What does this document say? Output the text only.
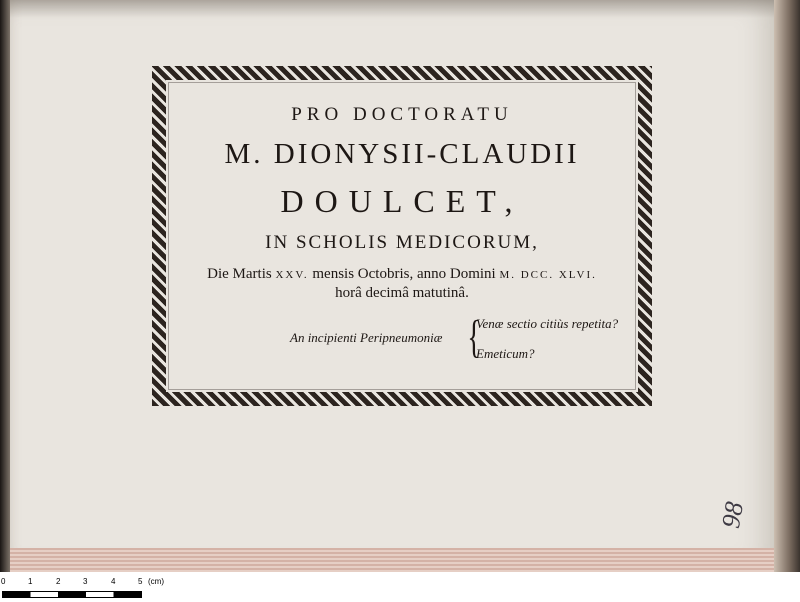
PRO DOCTORATU
M. DIONYSII-CLAUDII
DOULCET,
IN SCHOLIS MEDICORUM,
Die Martis XXV. mensis Octobris, anno Domini M. DCC. XLVI.
horâ decimâ matutinâ.
An incipienti Peripneumoniæ {
Venæ sectio citiùs repetita?
Emeticum?
98
0	1	2	3	4	5 (cm)
